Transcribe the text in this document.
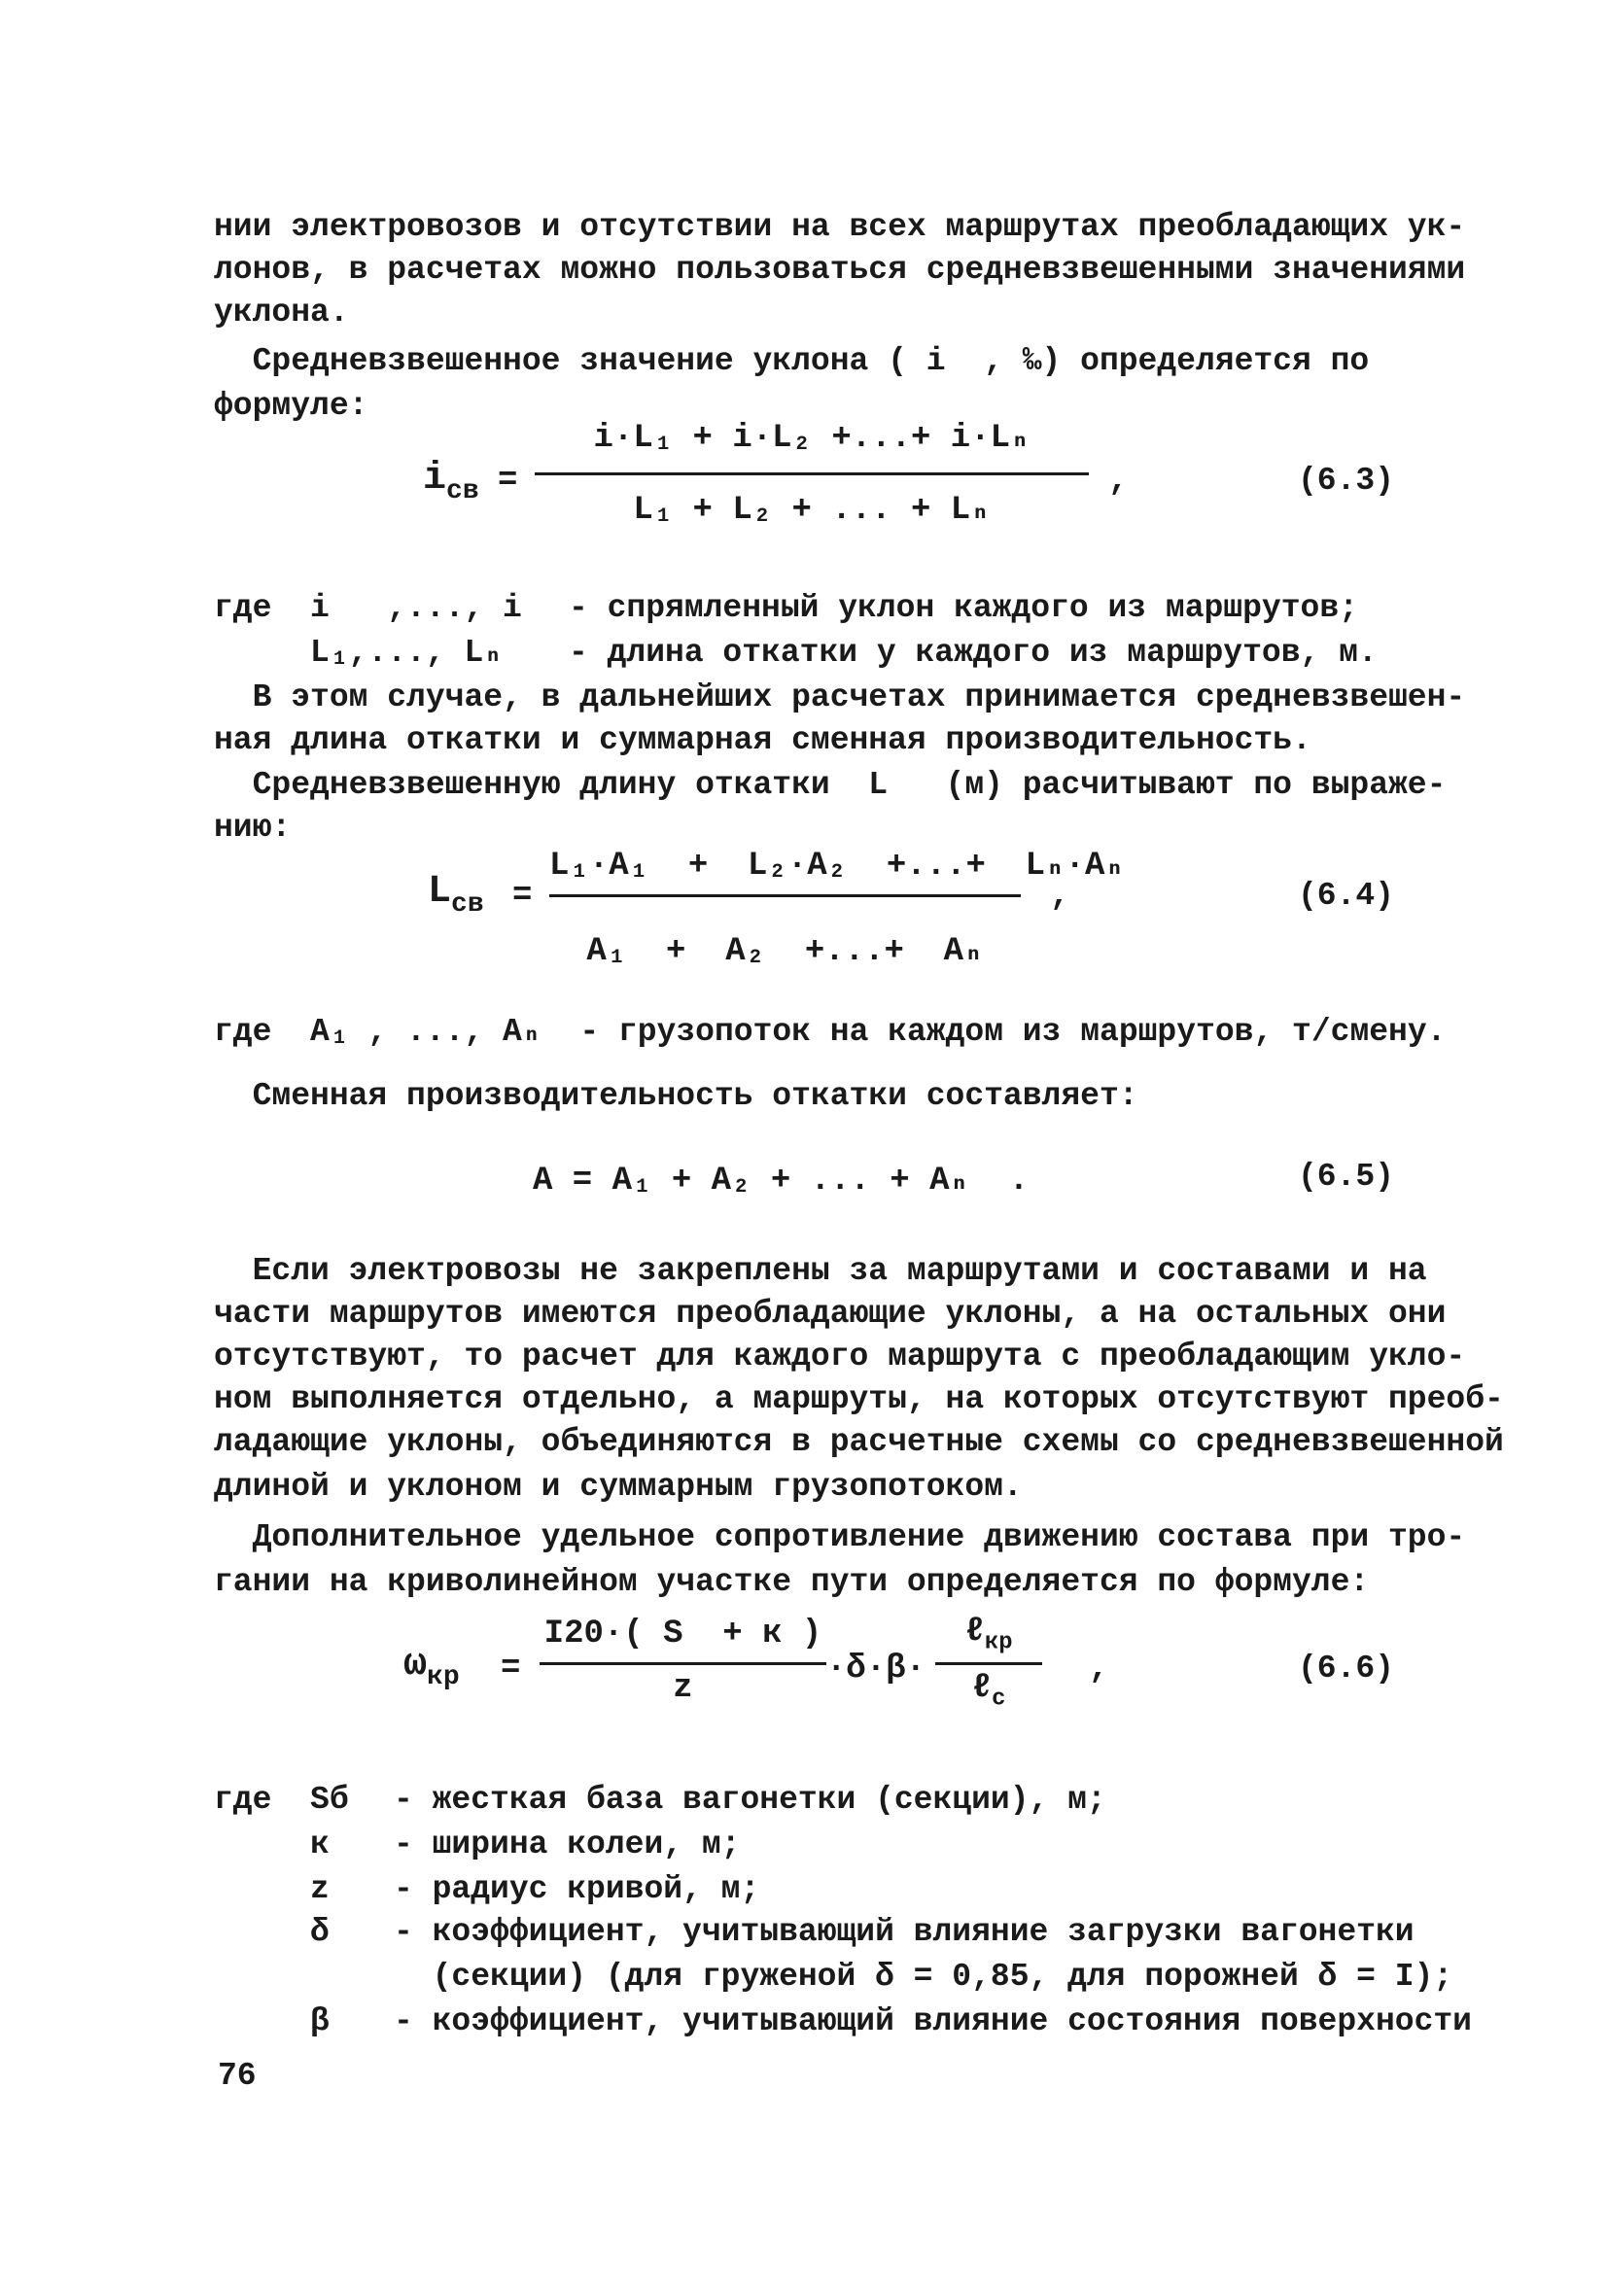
нии электровозов и отсутствии на всех маршрутах преобладающих ук-
лонов, в расчетах можно пользоваться средневзвешенными значениями
уклона.
Средневзвешенное значение уклона ( i  , ‰) определяется по
формуле:
$i_{св}$ =
i·L₁ + i·L₂ +...+ i·Lₙ
L₁ + L₂ + ... + Lₙ
,	(6.3)
где  i   ,..., i - спрямленный уклон каждого из маршрутов;
L₁,..., Lₙ - длина откатки у каждого из маршрутов, м.
В этом случае, в дальнейших расчетах принимается средневзвешен-
ная длина откатки и суммарная сменная производительность.
Средневзвешенную длину откатки  L   (м) расчитывают по выраже-
нию:
$L_{св}$ =
L₁·A₁  +  L₂·A₂  +...+  Lₙ·Aₙ
A₁  +  A₂  +...+  Aₙ
,	(6.4)
где  A₁ , ..., Aₙ  - грузопоток на каждом из маршрутов, т/смену.
Сменная производительность откатки составляет:
A = A₁ + A₂ + ... + Aₙ  .	(6.5)
Если электровозы не закреплены за маршрутами и составами и на
части маршрутов имеются преобладающие уклоны, а на остальных они
отсутствуют, то расчет для каждого маршрута с преобладающим укло-
ном выполняется отдельно, а маршруты, на которых отсутствуют преоб-
ладающие уклоны, объединяются в расчетные схемы со средневзвешенной
длиной и уклоном и суммарным грузопотоком.
Дополнительное удельное сопротивление движению состава при тро-
гании на криволинейном участке пути определяется по формуле:
$\omega_{кр}$ =
I20·( S  + к )
z
·δ·β·
ℓ$_{кр}$
ℓ$_с$
,	(6.6)
где  Sб - жесткая база вагонетки (секции), м;
к - ширина колеи, м;
z - радиус кривой, м;
δ - коэффициент, учитывающий влияние загрузки вагонетки
(секции) (для груженой δ = 0,85, для порожней δ = I);
β - коэффициент, учитывающий влияние состояния поверхности
76
